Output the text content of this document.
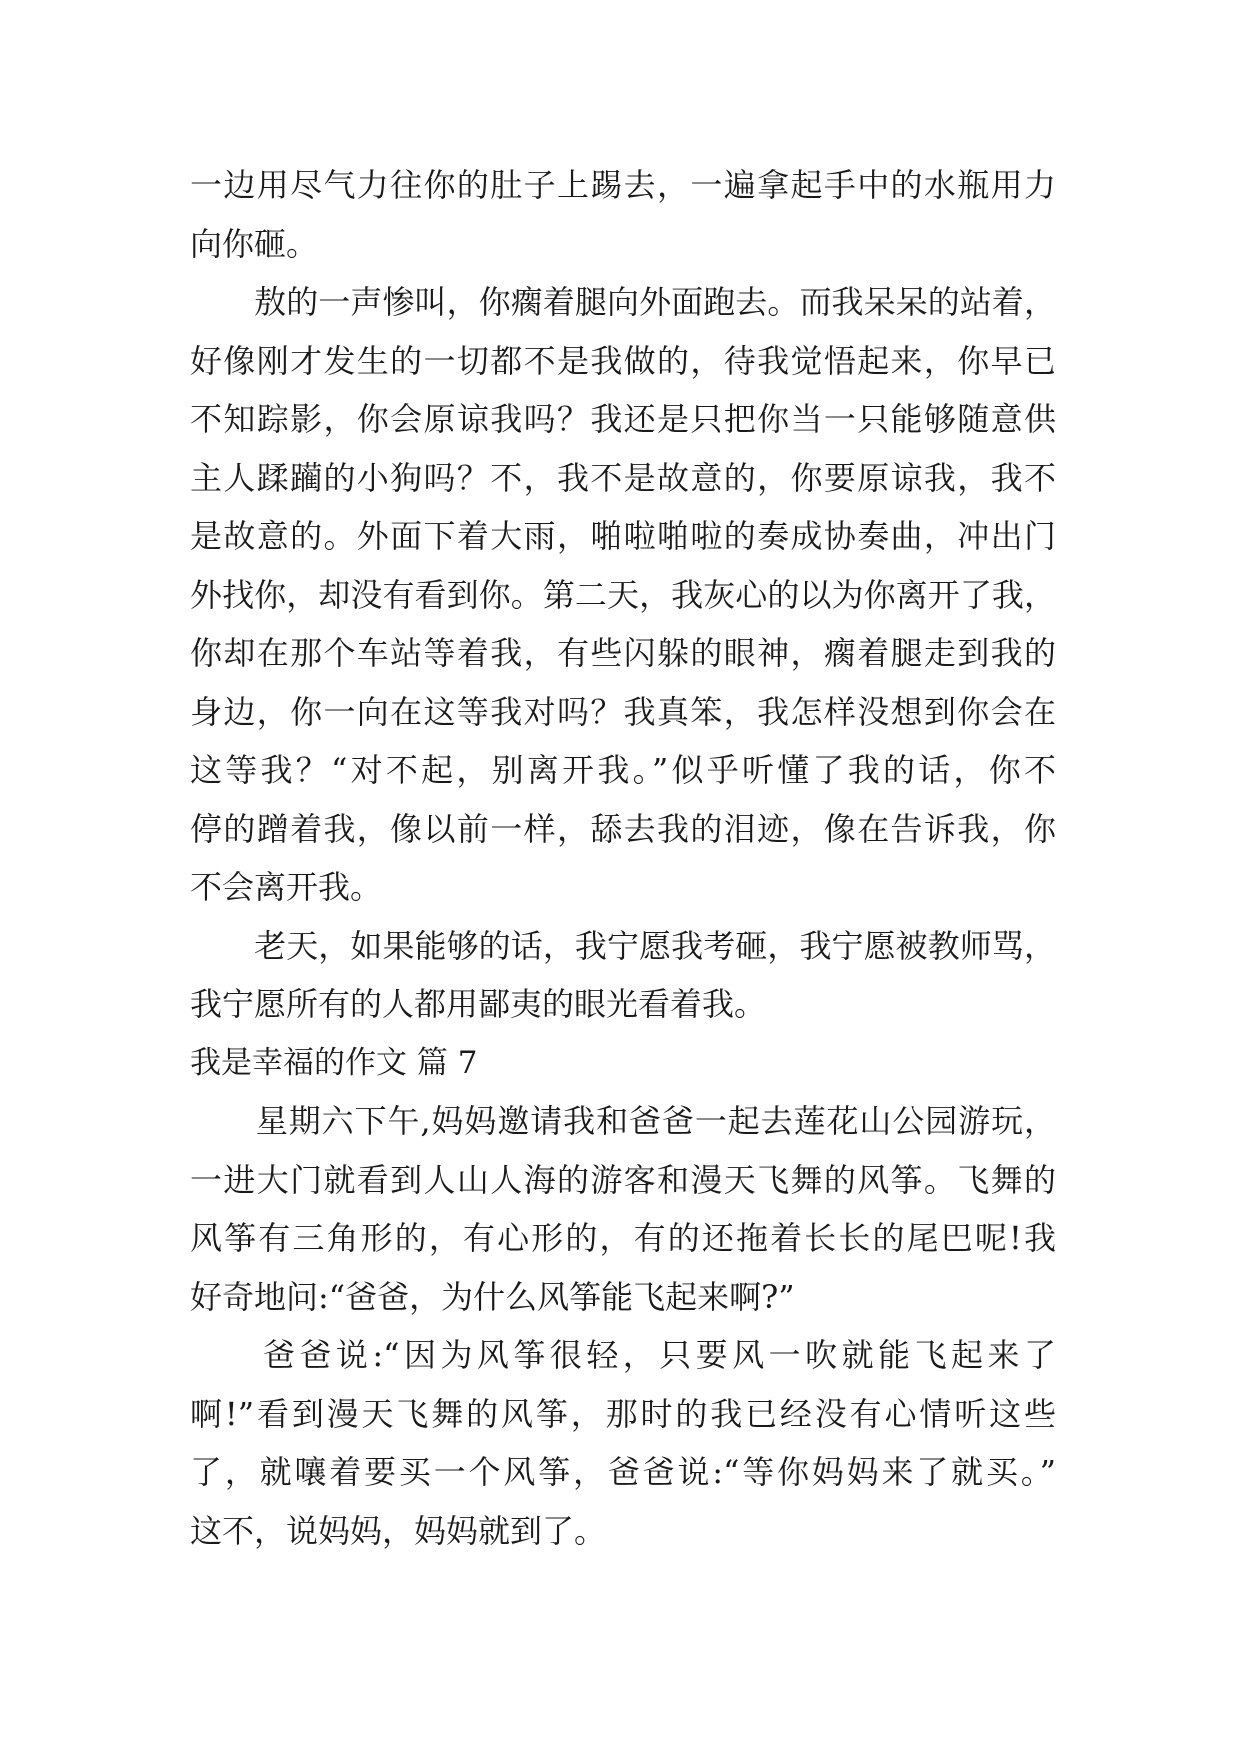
一边用尽气力往你的肚子上踢去，一遍拿起手中的水瓶用力
向你砸。
　　敖的一声惨叫，你瘸着腿向外面跑去。而我呆呆的站着，
好像刚才发生的一切都不是我做的，待我觉悟起来，你早已
不知踪影，你会原谅我吗？我还是只把你当一只能够随意供
主人蹂躏的小狗吗？不，我不是故意的，你要原谅我，我不
是故意的。外面下着大雨，啪啦啪啦的奏成协奏曲，冲出门
外找你，却没有看到你。第二天，我灰心的以为你离开了我，
你却在那个车站等着我，有些闪躲的眼神，瘸着腿走到我的
身边，你一向在这等我对吗？我真笨，我怎样没想到你会在
这等我？“对不起，别离开我。”似乎听懂了我的话，你不
停的蹭着我，像以前一样，舔去我的泪迹，像在告诉我，你
不会离开我。
　　老天，如果能够的话，我宁愿我考砸，我宁愿被教师骂，
我宁愿所有的人都用鄙夷的眼光看着我。
我是幸福的作文 篇 7
　　星期六下午,妈妈邀请我和爸爸一起去莲花山公园游玩，
一进大门就看到人山人海的游客和漫天飞舞的风筝。飞舞的
风筝有三角形的，有心形的，有的还拖着长长的尾巴呢!我
好奇地问:“爸爸，为什么风筝能飞起来啊?”
　　爸爸说:“因为风筝很轻，只要风一吹就能飞起来了
啊!”看到漫天飞舞的风筝，那时的我已经没有心情听这些
了，就嚷着要买一个风筝，爸爸说:“等你妈妈来了就买。”
这不，说妈妈，妈妈就到了。
